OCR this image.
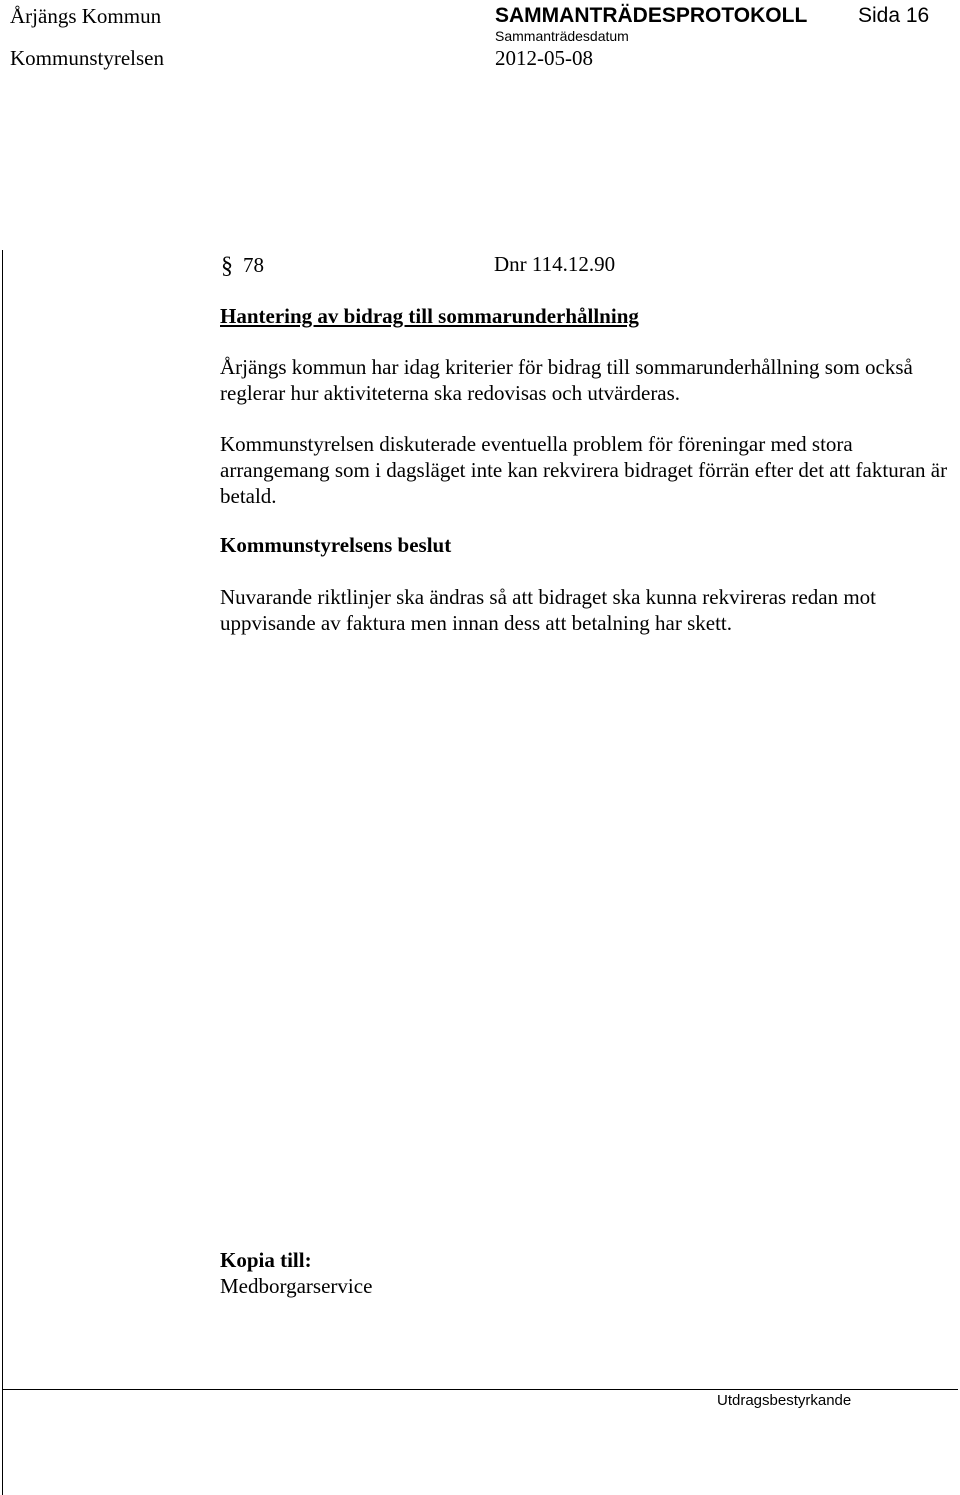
Årjängs Kommun	SAMMANTRÄDESPROTOKOLL Sida 16
Kommunstyrelsen
Sammanträdesdatum
2012-05-08
§ 78	Dnr 114.12.90
Hantering av bidrag till sommarunderhållning
Årjängs kommun har idag kriterier för bidrag till sommarunderhållning som också reglerar hur aktiviteterna ska redovisas och utvärderas.
Kommunstyrelsen diskuterade eventuella problem för föreningar med stora arrangemang som i dagsläget inte kan rekvirera bidraget förrän efter det att fakturan är betald.
Kommunstyrelsens beslut
Nuvarande riktlinjer ska ändras så att bidraget ska kunna rekvireras redan mot uppvisande av faktura men innan dess att betalning har skett.
Kopia till:
Medborgarservice
Utdragsbestyrkande
